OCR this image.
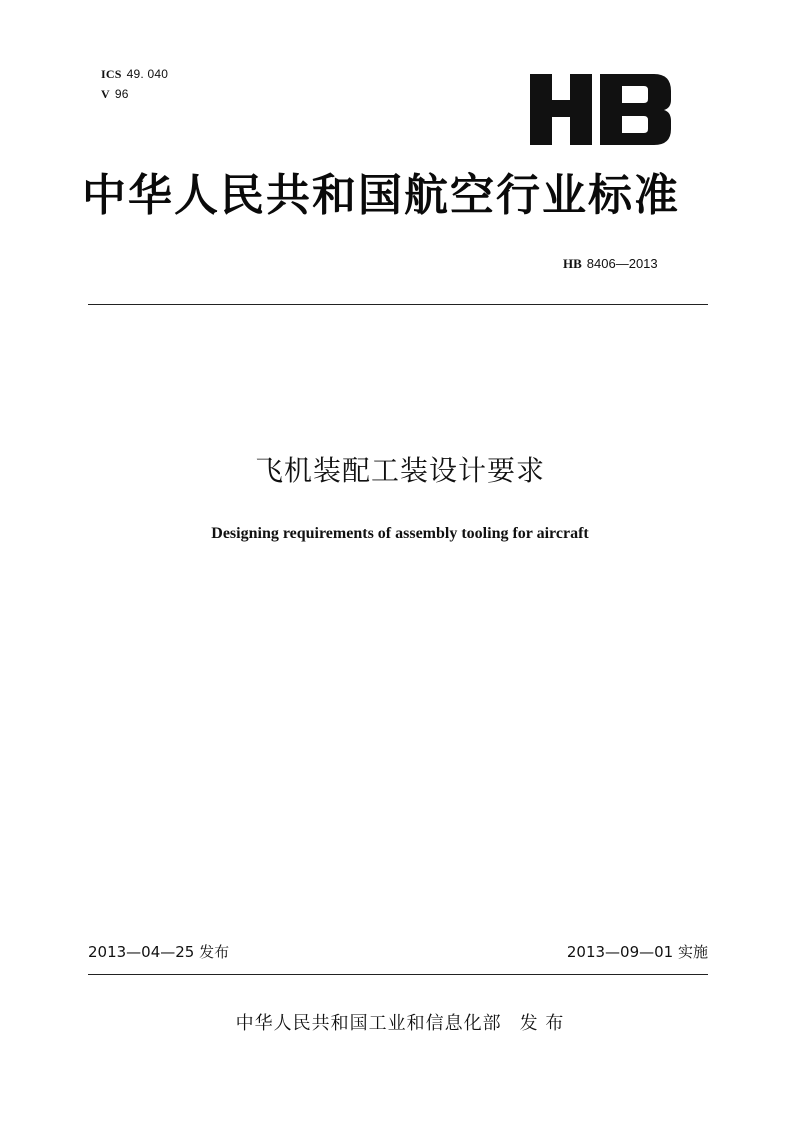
ICS 49. 040
V 96
中华人民共和国航空行业标准
HB 8406—2013
飞机装配工装设计要求
Designing requirements of assembly tooling for aircraft
2013—04—25 发布	2013—09—01 实施
中华人民共和国工业和信息化部 发 布
